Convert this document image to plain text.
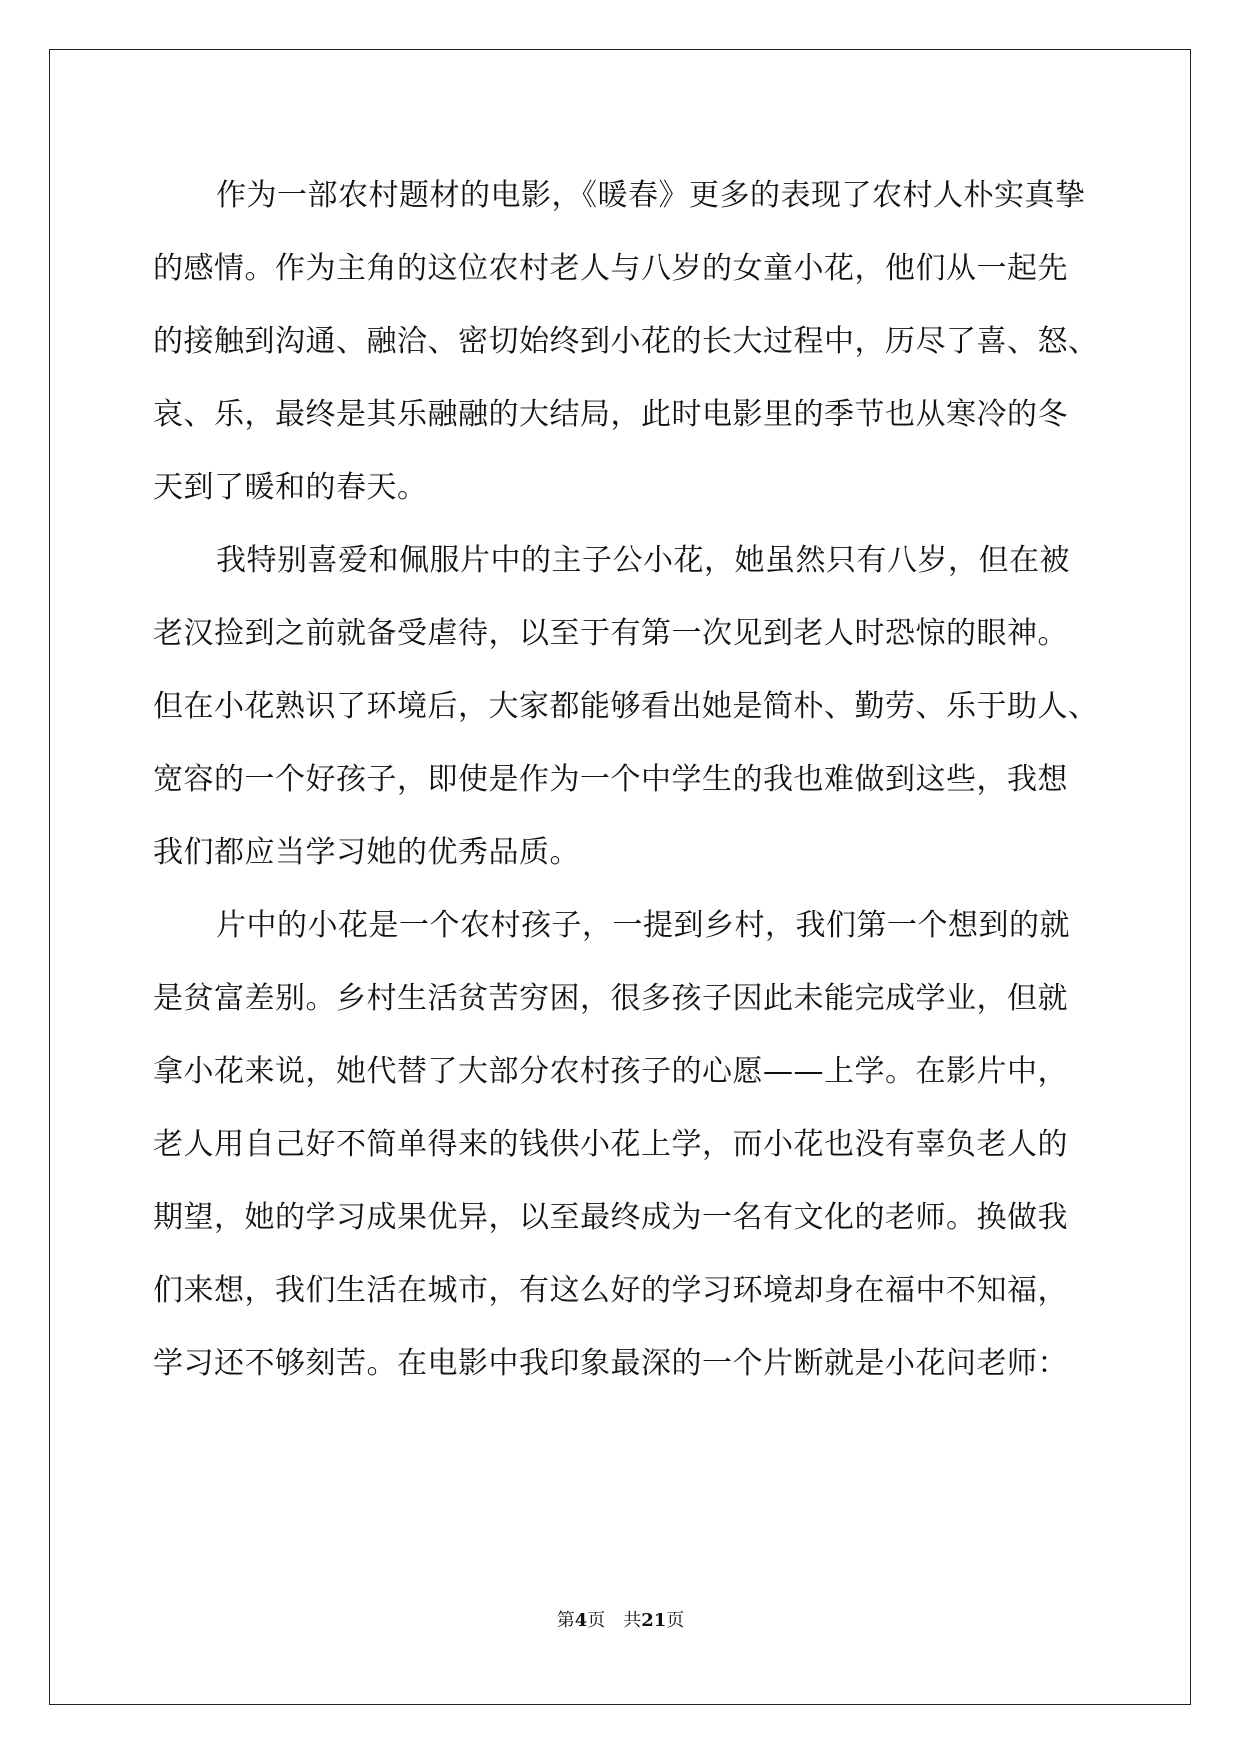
作为一部农村题材的电影，《暖春》更多的表现了农村人朴实真挚
的感情。作为主角的这位农村老人与八岁的女童小花，他们从一起先
的接触到沟通、融洽、密切始终到小花的长大过程中，历尽了喜、怒、
哀、乐，最终是其乐融融的大结局，此时电影里的季节也从寒冷的冬
天到了暖和的春天。
我特别喜爱和佩服片中的主子公小花，她虽然只有八岁，但在被
老汉捡到之前就备受虐待，以至于有第一次见到老人时恐惊的眼神。
但在小花熟识了环境后，大家都能够看出她是简朴、勤劳、乐于助人、
宽容的一个好孩子，即使是作为一个中学生的我也难做到这些，我想
我们都应当学习她的优秀品质。
片中的小花是一个农村孩子，一提到乡村，我们第一个想到的就
是贫富差别。乡村生活贫苦穷困，很多孩子因此未能完成学业，但就
拿小花来说，她代替了大部分农村孩子的心愿——上学。在影片中，
老人用自己好不简单得来的钱供小花上学，而小花也没有辜负老人的
期望，她的学习成果优异，以至最终成为一名有文化的老师。换做我
们来想，我们生活在城市，有这么好的学习环境却身在福中不知福，
学习还不够刻苦。在电影中我印象最深的一个片断就是小花问老师：
第4页 共21页
